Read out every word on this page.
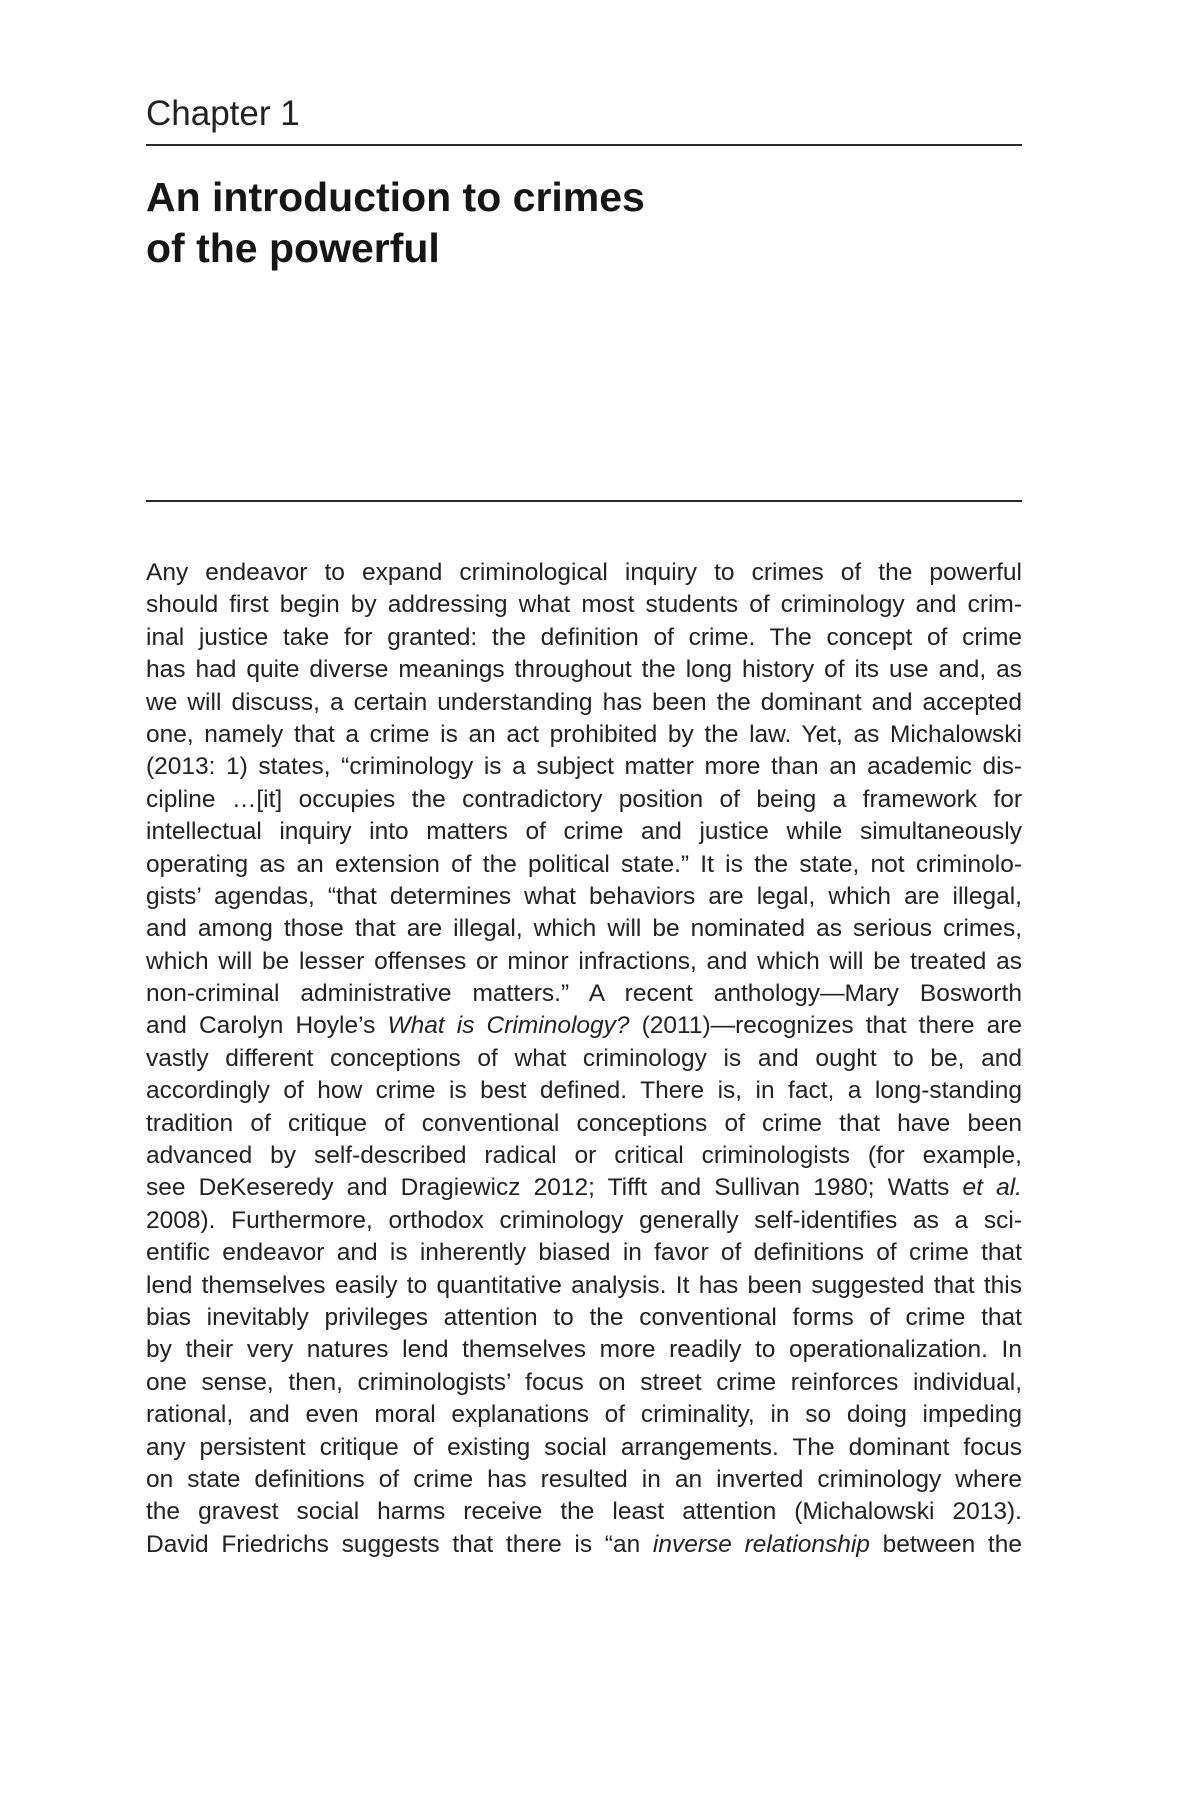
Chapter 1
An introduction to crimes
of the powerful
Any endeavor to expand criminological inquiry to crimes of the powerful
should first begin by addressing what most students of criminology and crim-
inal justice take for granted: the definition of crime. The concept of crime
has had quite diverse meanings throughout the long history of its use and, as
we will discuss, a certain understanding has been the dominant and accepted
one, namely that a crime is an act prohibited by the law. Yet, as Michalowski
(2013: 1) states, “criminology is a subject matter more than an academic dis-
cipline …[it] occupies the contradictory position of being a framework for
intellectual inquiry into matters of crime and justice while simultaneously
operating as an extension of the political state.” It is the state, not criminolo-
gists’ agendas, “that determines what behaviors are legal, which are illegal,
and among those that are illegal, which will be nominated as serious crimes,
which will be lesser offenses or minor infractions, and which will be treated as
non-criminal administrative matters.” A recent anthology—Mary Bosworth
and Carolyn Hoyle’s What is Criminology? (2011)—recognizes that there are
vastly different conceptions of what criminology is and ought to be, and
accordingly of how crime is best defined. There is, in fact, a long-standing
tradition of critique of conventional conceptions of crime that have been
advanced by self-described radical or critical criminologists (for example,
see DeKeseredy and Dragiewicz 2012; Tifft and Sullivan 1980; Watts et al.
2008). Furthermore, orthodox criminology generally self-identifies as a sci-
entific endeavor and is inherently biased in favor of definitions of crime that
lend themselves easily to quantitative analysis. It has been suggested that this
bias inevitably privileges attention to the conventional forms of crime that
by their very natures lend themselves more readily to operationalization. In
one sense, then, criminologists’ focus on street crime reinforces individual,
rational, and even moral explanations of criminality, in so doing impeding
any persistent critique of existing social arrangements. The dominant focus
on state definitions of crime has resulted in an inverted criminology where
the gravest social harms receive the least attention (Michalowski 2013).
David Friedrichs suggests that there is “an inverse relationship between the
